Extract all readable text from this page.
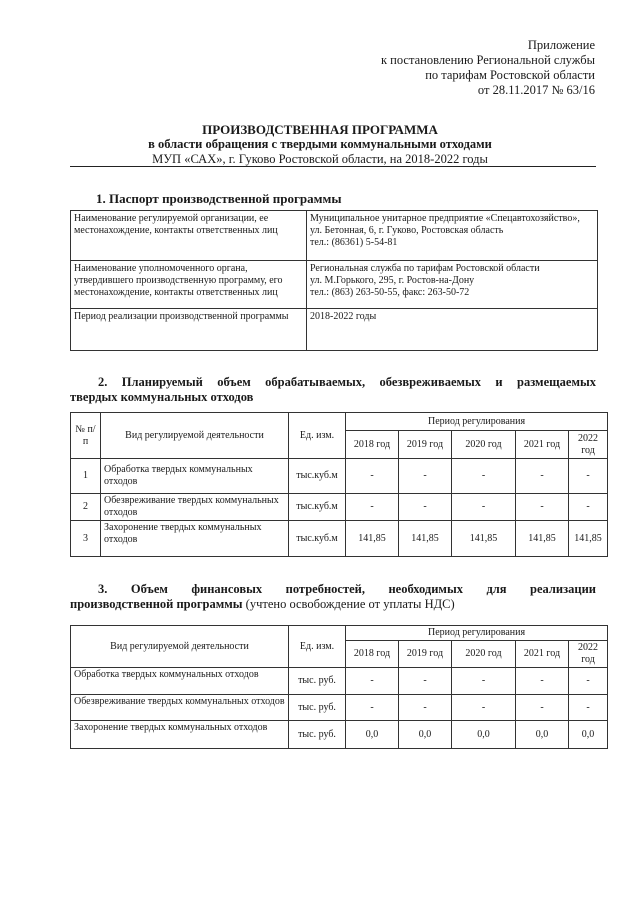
Приложение
к постановлению Региональной службы
по тарифам Ростовской области
от 28.11.2017 № 63/16
ПРОИЗВОДСТВЕННАЯ ПРОГРАММА
в области обращения с твердыми коммунальными отходами
МУП «САХ», г. Гуково Ростовской области, на 2018-2022 годы
1. Паспорт производственной программы
Наименование регулируемой организации, ее местонахождение, контакты ответственных лиц	Муниципальное унитарное предприятие «Спецавтохозяйство»,
ул. Бетонная, 6, г. Гуково, Ростовская область
тел.: (86361) 5-54-81

Наименование уполномоченного органа, утвердившего производственную программу, его местонахождение, контакты ответственных лиц	Региональная служба по тарифам Ростовской области
ул. М.Горького, 295, г. Ростов-на-Дону
тел.: (863) 263-50-55, факс: 263-50-72

Период реализации производственной программы	2018-2022 годы
2. Планируемый объем обрабатываемых, обезвреживаемых и размещаемых
твердых коммунальных отходов
№ п/п	Вид регулируемой деятельности	Ед. изм.	Период регулирования				
			2018 год	2019 год	2020 год	2021 год	2022 год
1	Обработка твердых коммунальных отходов	тыс.куб.м	-	-	-	-	-
2	Обезвреживание твердых коммунальных отходов	тыс.куб.м	-	-	-	-	-
3	Захоронение твердых коммунальных отходов	тыс.куб.м	141,85	141,85	141,85	141,85	141,85
3. Объем финансовых потребностей, необходимых для реализации
производственной программы (учтено освобождение от уплаты НДС)
Вид регулируемой деятельности	Ед. изм.	Период регулирования				
		2018 год	2019 год	2020 год	2021 год	2022 год
Обработка твердых коммунальных отходов	тыс. руб.	-	-	-	-	-
Обезвреживание твердых коммунальных отходов	тыс. руб.	-	-	-	-	-
Захоронение твердых коммунальных отходов	тыс. руб.	0,0	0,0	0,0	0,0	0,0
